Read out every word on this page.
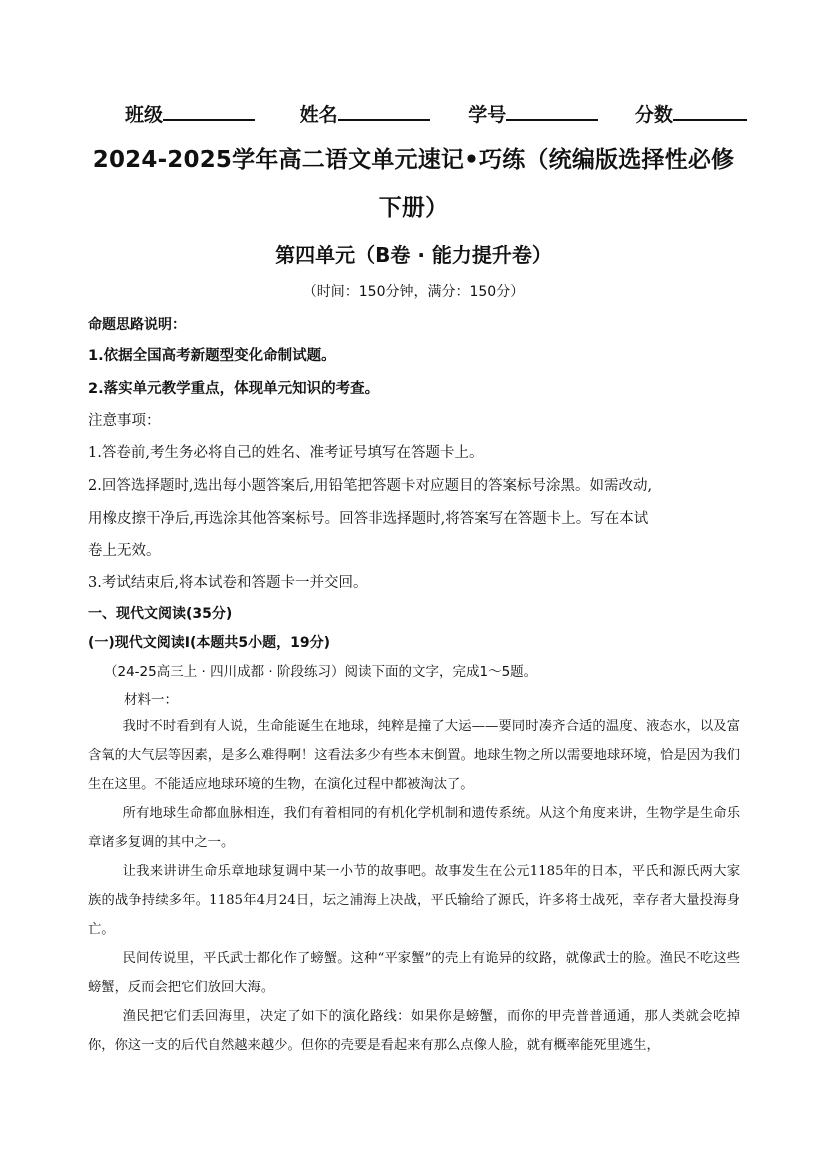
班级	姓名	学号	分数
2024-2025学年高二语文单元速记•巧练（统编版选择性必修
下册）
第四单元（B卷 · 能力提升卷）
（时间：150分钟，满分：150分）
命题思路说明：
1.依据全国高考新题型变化命制试题。
2.落实单元教学重点，体现单元知识的考查。
注意事项：
1.答卷前,考生务必将自己的姓名、准考证号填写在答题卡上。
2.回答选择题时,选出每小题答案后,用铅笔把答题卡对应题目的答案标号涂黑。如需改动,
用橡皮擦干净后,再选涂其他答案标号。回答非选择题时,将答案写在答题卡上。写在本试
卷上无效。
3.考试结束后,将本试卷和答题卡一并交回。
一、现代文阅读(35分)
(一)现代文阅读Ⅰ(本题共5小题，19分)
（24-25高三上 · 四川成都 · 阶段练习）阅读下面的文字，完成1～5题。
材料一：

我时不时看到有人说，生命能诞生在地球，纯粹是撞了大运——要同时凑齐合适的温度、液态水，以及富含氧的大气层等因素，是多么难得啊！这看法多少有些本末倒置。地球生物之所以需要地球环境，恰是因为我们生在这里。不能适应地球环境的生物，在演化过程中都被淘汰了。

所有地球生命都血脉相连，我们有着相同的有机化学机制和遗传系统。从这个角度来讲，生物学是生命乐章诸多复调的其中之一。

让我来讲讲生命乐章地球复调中某一小节的故事吧。故事发生在公元1185年的日本，平氏和源氏两大家族的战争持续多年。1185年4月24日，坛之浦海上决战，平氏输给了源氏，许多将士战死，幸存者大量投海身亡。

民间传说里，平氏武士都化作了螃蟹。这种“平家蟹”的壳上有诡异的纹路，就像武士的脸。渔民不吃这些螃蟹，反而会把它们放回大海。

渔民把它们丢回海里，决定了如下的演化路线：如果你是螃蟹，而你的甲壳普普通通，那人类就会吃掉你，你这一支的后代自然越来越少。但你的壳要是看起来有那么点像人脸，就有概率能死里逃生，
